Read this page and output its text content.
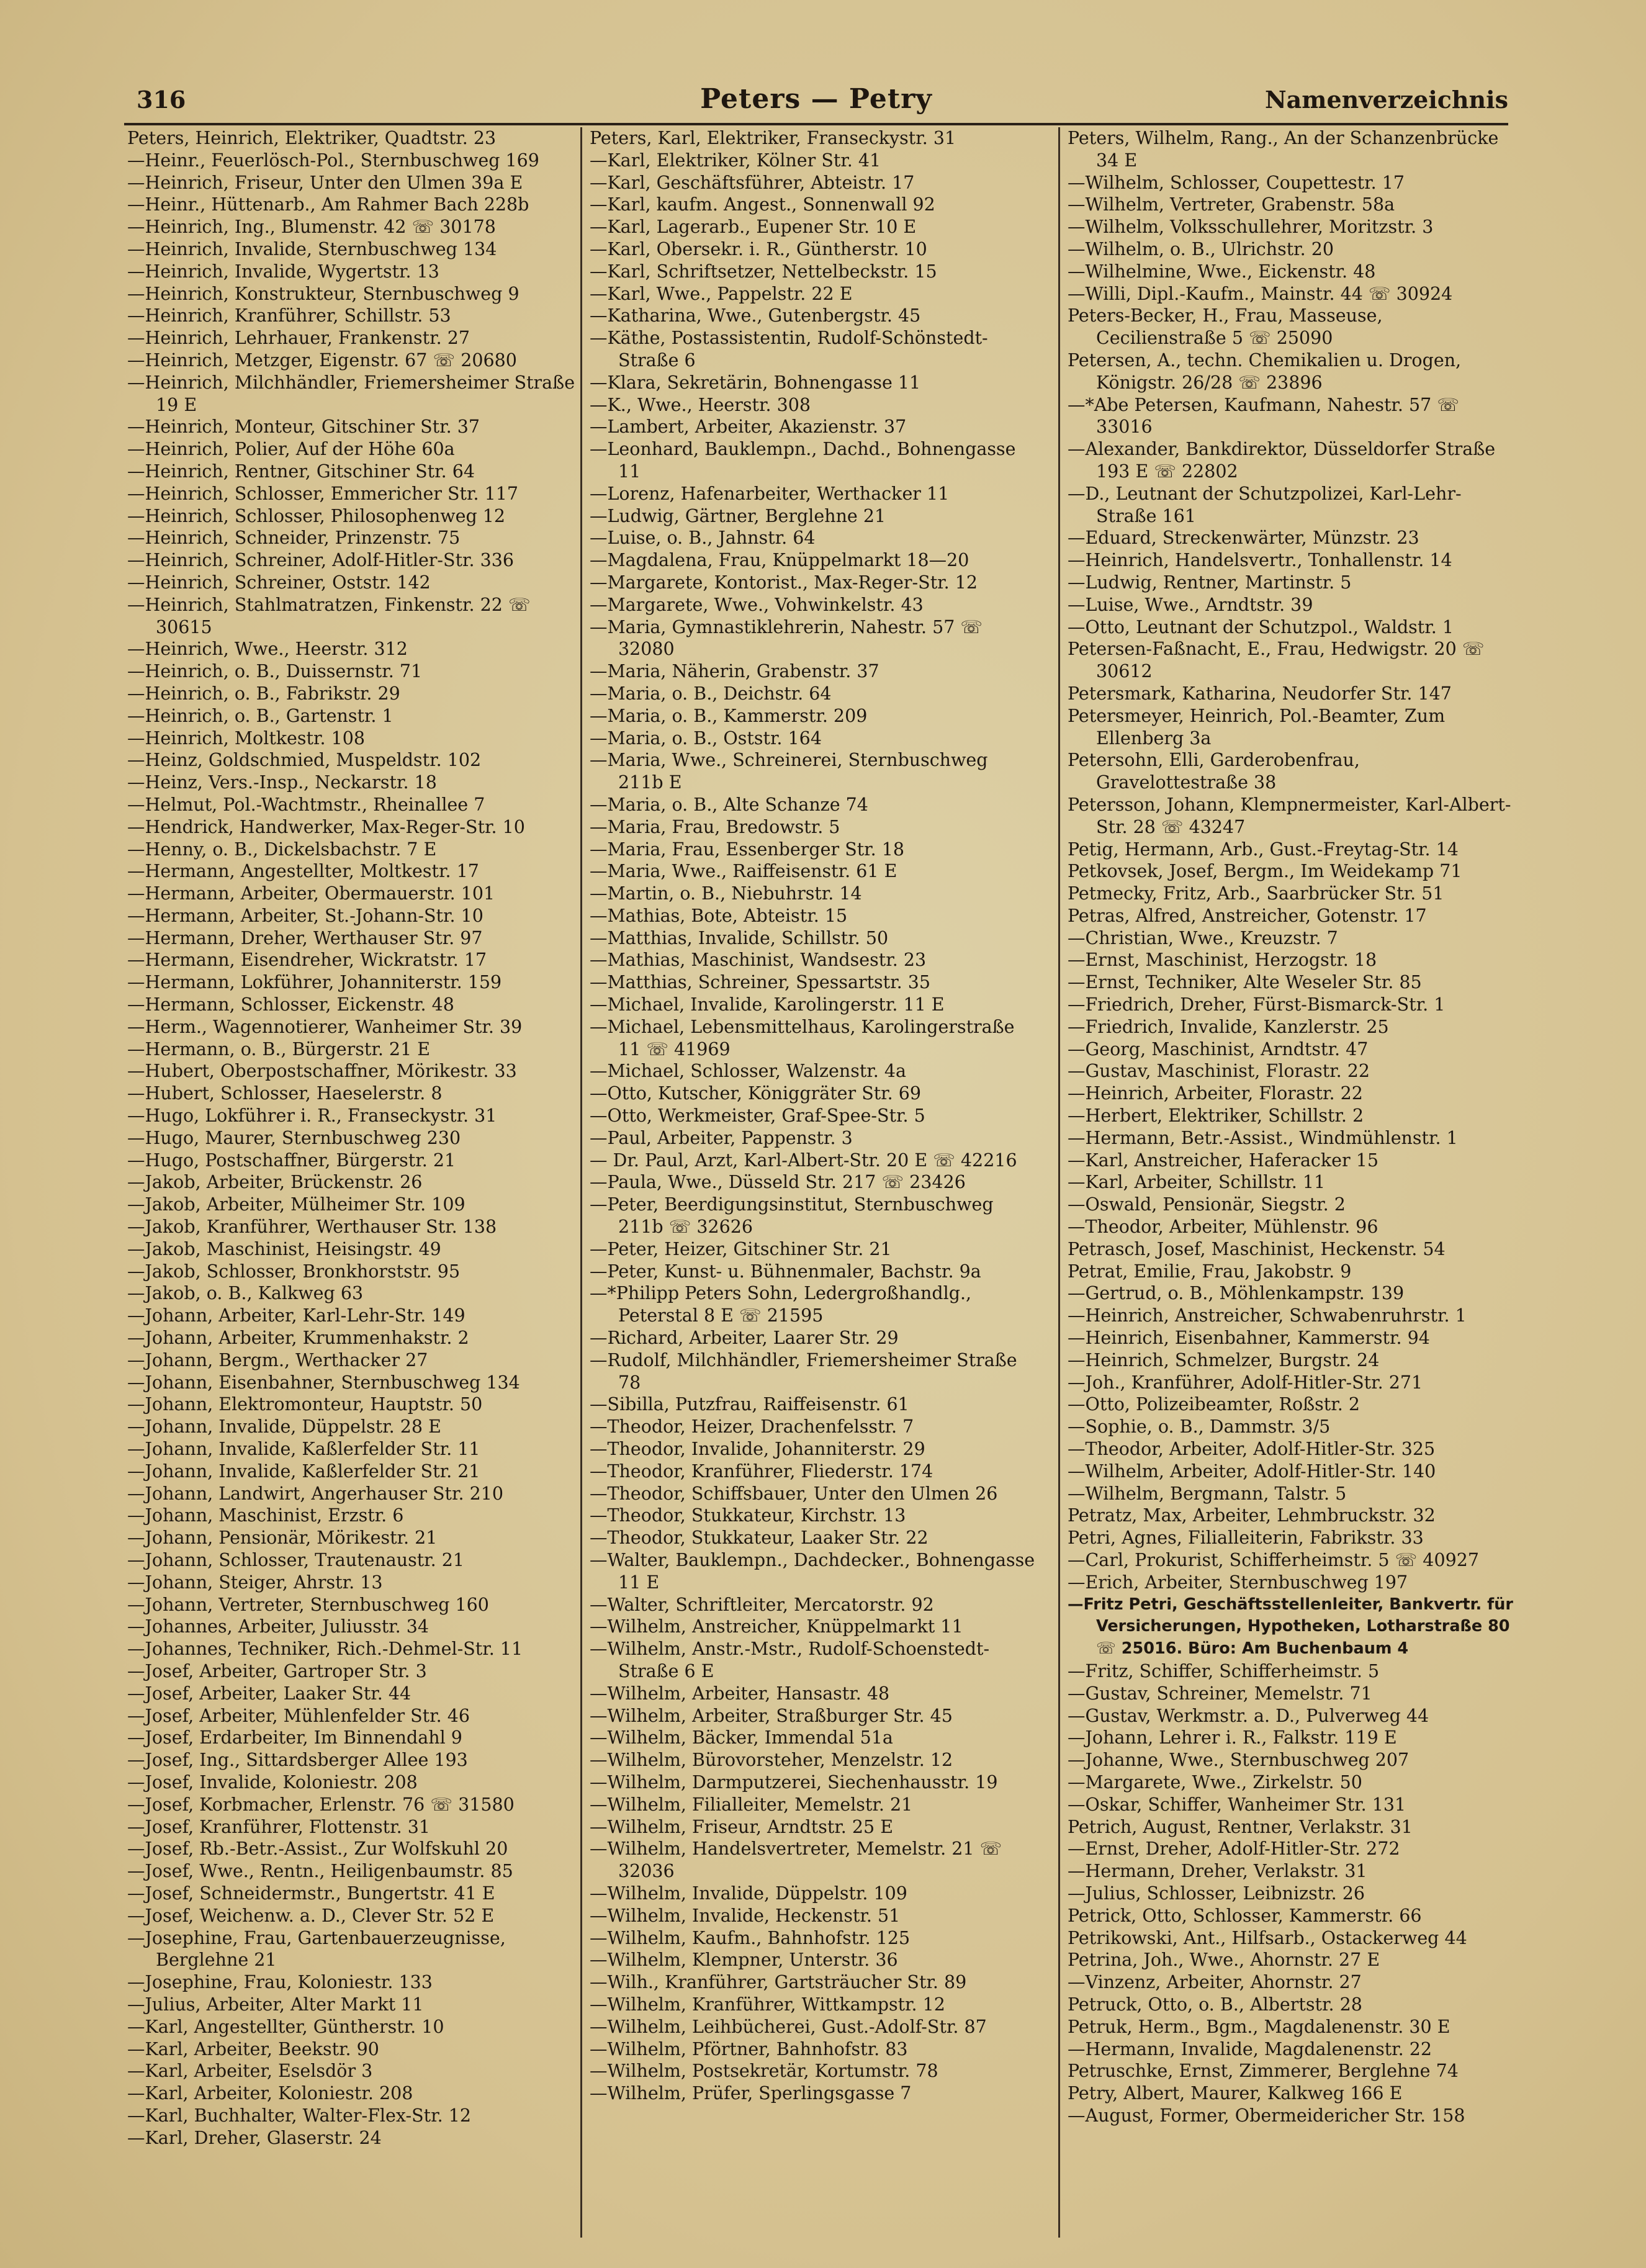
316	Peters — Petry	Namenverzeichnis

Peters, Heinrich, Elektriker, Quadtstr. 23

—Heinr., Feuerlösch-Pol., Sternbuschweg 169

—Heinrich, Friseur, Unter den Ulmen 39a E

—Heinr., Hüttenarb., Am Rahmer Bach 228b

—Heinrich, Ing., Blumenstr. 42 ☏ 30178

—Heinrich, Invalide, Sternbuschweg 134

—Heinrich, Invalide, Wygertstr. 13

—Heinrich, Konstrukteur, Sternbuschweg 9

—Heinrich, Kranführer, Schillstr. 53

—Heinrich, Lehrhauer, Frankenstr. 27

—Heinrich, Metzger, Eigenstr. 67 ☏ 20680

—Heinrich, Milchhändler, Friemersheimer Straße 19 E

—Heinrich, Monteur, Gitschiner Str. 37

—Heinrich, Polier, Auf der Höhe 60a

—Heinrich, Rentner, Gitschiner Str. 64

—Heinrich, Schlosser, Emmericher Str. 117

—Heinrich, Schlosser, Philosophenweg 12

—Heinrich, Schneider, Prinzenstr. 75

—Heinrich, Schreiner, Adolf-Hitler-Str. 336

—Heinrich, Schreiner, Oststr. 142

—Heinrich, Stahlmatratzen, Finkenstr. 22 ☏ 30615

—Heinrich, Wwe., Heerstr. 312

—Heinrich, o. B., Duissernstr. 71

—Heinrich, o. B., Fabrikstr. 29

—Heinrich, o. B., Gartenstr. 1

—Heinrich, Moltkestr. 108

—Heinz, Goldschmied, Muspeldstr. 102

—Heinz, Vers.-Insp., Neckarstr. 18

—Helmut, Pol.-Wachtmstr., Rheinallee 7

—Hendrick, Handwerker, Max-Reger-Str. 10

—Henny, o. B., Dickelsbachstr. 7 E

—Hermann, Angestellter, Moltkestr. 17

—Hermann, Arbeiter, Obermauerstr. 101

—Hermann, Arbeiter, St.-Johann-Str. 10

—Hermann, Dreher, Werthauser Str. 97

—Hermann, Eisendreher, Wickratstr. 17

—Hermann, Lokführer, Johanniterstr. 159

—Hermann, Schlosser, Eickenstr. 48

—Herm., Wagennotierer, Wanheimer Str. 39

—Hermann, o. B., Bürgerstr. 21 E

—Hubert, Oberpostschaffner, Mörikestr. 33

—Hubert, Schlosser, Haeselerstr. 8

—Hugo, Lokführer i. R., Franseckystr. 31

—Hugo, Maurer, Sternbuschweg 230

—Hugo, Postschaffner, Bürgerstr. 21

—Jakob, Arbeiter, Brückenstr. 26

—Jakob, Arbeiter, Mülheimer Str. 109

—Jakob, Kranführer, Werthauser Str. 138

—Jakob, Maschinist, Heisingstr. 49

—Jakob, Schlosser, Bronkhorststr. 95

—Jakob, o. B., Kalkweg 63

—Johann, Arbeiter, Karl-Lehr-Str. 149

—Johann, Arbeiter, Krummenhakstr. 2

—Johann, Bergm., Werthacker 27

—Johann, Eisenbahner, Sternbuschweg 134

—Johann, Elektromonteur, Hauptstr. 50

—Johann, Invalide, Düppelstr. 28 E

—Johann, Invalide, Kaßlerfelder Str. 11

—Johann, Invalide, Kaßlerfelder Str. 21

—Johann, Landwirt, Angerhauser Str. 210

—Johann, Maschinist, Erzstr. 6

—Johann, Pensionär, Mörikestr. 21

—Johann, Schlosser, Trautenaustr. 21

—Johann, Steiger, Ahrstr. 13

—Johann, Vertreter, Sternbuschweg 160

—Johannes, Arbeiter, Juliusstr. 34

—Johannes, Techniker, Rich.-Dehmel-Str. 11

—Josef, Arbeiter, Gartroper Str. 3

—Josef, Arbeiter, Laaker Str. 44

—Josef, Arbeiter, Mühlenfelder Str. 46

—Josef, Erdarbeiter, Im Binnendahl 9

—Josef, Ing., Sittardsberger Allee 193

—Josef, Invalide, Koloniestr. 208

—Josef, Korbmacher, Erlenstr. 76 ☏ 31580

—Josef, Kranführer, Flottenstr. 31

—Josef, Rb.-Betr.-Assist., Zur Wolfskuhl 20

—Josef, Wwe., Rentn., Heiligenbaumstr. 85

—Josef, Schneidermstr., Bungertstr. 41 E

—Josef, Weichenw. a. D., Clever Str. 52 E

—Josephine, Frau, Gartenbauerzeugnisse, Berglehne 21

—Josephine, Frau, Koloniestr. 133

—Julius, Arbeiter, Alter Markt 11

—Karl, Angestellter, Güntherstr. 10

—Karl, Arbeiter, Beekstr. 90

—Karl, Arbeiter, Eselsdör 3

—Karl, Arbeiter, Koloniestr. 208

—Karl, Buchhalter, Walter-Flex-Str. 12

—Karl, Dreher, Glaserstr. 24

Peters, Karl, Elektriker, Franseckystr. 31

—Karl, Elektriker, Kölner Str. 41

—Karl, Geschäftsführer, Abteistr. 17

—Karl, kaufm. Angest., Sonnenwall 92

—Karl, Lagerarb., Eupener Str. 10 E

—Karl, Obersekr. i. R., Güntherstr. 10

—Karl, Schriftsetzer, Nettelbeckstr. 15

—Karl, Wwe., Pappelstr. 22 E

—Katharina, Wwe., Gutenbergstr. 45

—Käthe, Postassistentin, Rudolf-Schönstedt-Straße 6

—Klara, Sekretärin, Bohnengasse 11

—K., Wwe., Heerstr. 308

—Lambert, Arbeiter, Akazienstr. 37

—Leonhard, Bauklempn., Dachd., Bohnengasse 11

—Lorenz, Hafenarbeiter, Werthacker 11

—Ludwig, Gärtner, Berglehne 21

—Luise, o. B., Jahnstr. 64

—Magdalena, Frau, Knüppelmarkt 18—20

—Margarete, Kontorist., Max-Reger-Str. 12

—Margarete, Wwe., Vohwinkelstr. 43

—Maria, Gymnastiklehrerin, Nahestr. 57 ☏ 32080

—Maria, Näherin, Grabenstr. 37

—Maria, o. B., Deichstr. 64

—Maria, o. B., Kammerstr. 209

—Maria, o. B., Oststr. 164

—Maria, Wwe., Schreinerei, Sternbuschweg 211b E

—Maria, o. B., Alte Schanze 74

—Maria, Frau, Bredowstr. 5

—Maria, Frau, Essenberger Str. 18

—Maria, Wwe., Raiffeisenstr. 61 E

—Martin, o. B., Niebuhrstr. 14

—Mathias, Bote, Abteistr. 15

—Matthias, Invalide, Schillstr. 50

—Mathias, Maschinist, Wandsestr. 23

—Matthias, Schreiner, Spessartstr. 35

—Michael, Invalide, Karolingerstr. 11 E

—Michael, Lebensmittelhaus, Karolingerstraße 11 ☏ 41969

—Michael, Schlosser, Walzenstr. 4a

—Otto, Kutscher, Königgräter Str. 69

—Otto, Werkmeister, Graf-Spee-Str. 5

—Paul, Arbeiter, Pappenstr. 3

— Dr. Paul, Arzt, Karl-Albert-Str. 20 E ☏ 42216

—Paula, Wwe., Düsseld Str. 217 ☏ 23426

—Peter, Beerdigungsinstitut, Sternbuschweg 211b ☏ 32626

—Peter, Heizer, Gitschiner Str. 21

—Peter, Kunst- u. Bühnenmaler, Bachstr. 9a

—*Philipp Peters Sohn, Ledergroßhandlg., Peterstal 8 E ☏ 21595

—Richard, Arbeiter, Laarer Str. 29

—Rudolf, Milchhändler, Friemersheimer Straße 78

—Sibilla, Putzfrau, Raiffeisenstr. 61

—Theodor, Heizer, Drachenfelsstr. 7

—Theodor, Invalide, Johanniterstr. 29

—Theodor, Kranführer, Fliederstr. 174

—Theodor, Schiffsbauer, Unter den Ulmen 26

—Theodor, Stukkateur, Kirchstr. 13

—Theodor, Stukkateur, Laaker Str. 22

—Walter, Bauklempn., Dachdecker., Bohnengasse 11 E

—Walter, Schriftleiter, Mercatorstr. 92

—Wilhelm, Anstreicher, Knüppelmarkt 11

—Wilhelm, Anstr.-Mstr., Rudolf-Schoenstedt-Straße 6 E

—Wilhelm, Arbeiter, Hansastr. 48

—Wilhelm, Arbeiter, Straßburger Str. 45

—Wilhelm, Bäcker, Immendal 51a

—Wilhelm, Bürovorsteher, Menzelstr. 12

—Wilhelm, Darmputzerei, Siechenhausstr. 19

—Wilhelm, Filialleiter, Memelstr. 21

—Wilhelm, Friseur, Arndtstr. 25 E

—Wilhelm, Handelsvertreter, Memelstr. 21 ☏ 32036

—Wilhelm, Invalide, Düppelstr. 109

—Wilhelm, Invalide, Heckenstr. 51

—Wilhelm, Kaufm., Bahnhofstr. 125

—Wilhelm, Klempner, Unterstr. 36

—Wilh., Kranführer, Gartsträucher Str. 89

—Wilhelm, Kranführer, Wittkampstr. 12

—Wilhelm, Leihbücherei, Gust.-Adolf-Str. 87

—Wilhelm, Pförtner, Bahnhofstr. 83

—Wilhelm, Postsekretär, Kortumstr. 78

—Wilhelm, Prüfer, Sperlingsgasse 7

Peters, Wilhelm, Rang., An der Schanzenbrücke 34 E

—Wilhelm, Schlosser, Coupettestr. 17

—Wilhelm, Vertreter, Grabenstr. 58a

—Wilhelm, Volksschullehrer, Moritzstr. 3

—Wilhelm, o. B., Ulrichstr. 20

—Wilhelmine, Wwe., Eickenstr. 48

—Willi, Dipl.-Kaufm., Mainstr. 44 ☏ 30924

Peters-Becker, H., Frau, Masseuse, Cecilienstraße 5 ☏ 25090

Petersen, A., techn. Chemikalien u. Drogen, Königstr. 26/28 ☏ 23896

—*Abe Petersen, Kaufmann, Nahestr. 57 ☏ 33016

—Alexander, Bankdirektor, Düsseldorfer Straße 193 E ☏ 22802

—D., Leutnant der Schutzpolizei, Karl-Lehr-Straße 161

—Eduard, Streckenwärter, Münzstr. 23

—Heinrich, Handelsvertr., Tonhallenstr. 14

—Ludwig, Rentner, Martinstr. 5

—Luise, Wwe., Arndtstr. 39

—Otto, Leutnant der Schutzpol., Waldstr. 1

Petersen-Faßnacht, E., Frau, Hedwigstr. 20 ☏ 30612

Petersmark, Katharina, Neudorfer Str. 147

Petersmeyer, Heinrich, Pol.-Beamter, Zum Ellenberg 3a

Petersohn, Elli, Garderobenfrau, Gravelottestraße 38

Petersson, Johann, Klempnermeister, Karl-Albert-Str. 28 ☏ 43247

Petig, Hermann, Arb., Gust.-Freytag-Str. 14

Petkovsek, Josef, Bergm., Im Weidekamp 71

Petmecky, Fritz, Arb., Saarbrücker Str. 51

Petras, Alfred, Anstreicher, Gotenstr. 17

—Christian, Wwe., Kreuzstr. 7

—Ernst, Maschinist, Herzogstr. 18

—Ernst, Techniker, Alte Weseler Str. 85

—Friedrich, Dreher, Fürst-Bismarck-Str. 1

—Friedrich, Invalide, Kanzlerstr. 25

—Georg, Maschinist, Arndtstr. 47

—Gustav, Maschinist, Florastr. 22

—Heinrich, Arbeiter, Florastr. 22

—Herbert, Elektriker, Schillstr. 2

—Hermann, Betr.-Assist., Windmühlenstr. 1

—Karl, Anstreicher, Haferacker 15

—Karl, Arbeiter, Schillstr. 11

—Oswald, Pensionär, Siegstr. 2

—Theodor, Arbeiter, Mühlenstr. 96

Petrasch, Josef, Maschinist, Heckenstr. 54

Petrat, Emilie, Frau, Jakobstr. 9

—Gertrud, o. B., Möhlenkampstr. 139

—Heinrich, Anstreicher, Schwabenruhrstr. 1

—Heinrich, Eisenbahner, Kammerstr. 94

—Heinrich, Schmelzer, Burgstr. 24

—Joh., Kranführer, Adolf-Hitler-Str. 271

—Otto, Polizeibeamter, Roßstr. 2

—Sophie, o. B., Dammstr. 3/5

—Theodor, Arbeiter, Adolf-Hitler-Str. 325

—Wilhelm, Arbeiter, Adolf-Hitler-Str. 140

—Wilhelm, Bergmann, Talstr. 5

Petratz, Max, Arbeiter, Lehmbruckstr. 32

Petri, Agnes, Filialleiterin, Fabrikstr. 33

—Carl, Prokurist, Schifferheimstr. 5 ☏ 40927

—Erich, Arbeiter, Sternbuschweg 197

—Fritz Petri, Geschäftsstellenleiter, Bankvertr. für Versicherungen, Hypotheken, Lotharstraße 80 ☏ 25016. Büro: Am Buchenbaum 4

—Fritz, Schiffer, Schifferheimstr. 5

—Gustav, Schreiner, Memelstr. 71

—Gustav, Werkmstr. a. D., Pulverweg 44

—Johann, Lehrer i. R., Falkstr. 119 E

—Johanne, Wwe., Sternbuschweg 207

—Margarete, Wwe., Zirkelstr. 50

—Oskar, Schiffer, Wanheimer Str. 131

Petrich, August, Rentner, Verlakstr. 31

—Ernst, Dreher, Adolf-Hitler-Str. 272

—Hermann, Dreher, Verlakstr. 31

—Julius, Schlosser, Leibnizstr. 26

Petrick, Otto, Schlosser, Kammerstr. 66

Petrikowski, Ant., Hilfsarb., Ostackerweg 44

Petrina, Joh., Wwe., Ahornstr. 27 E

—Vinzenz, Arbeiter, Ahornstr. 27

Petruck, Otto, o. B., Albertstr. 28

Petruk, Herm., Bgm., Magdalenenstr. 30 E

—Hermann, Invalide, Magdalenenstr. 22

Petruschke, Ernst, Zimmerer, Berglehne 74

Petry, Albert, Maurer, Kalkweg 166 E

—August, Former, Obermeidericher Str. 158
